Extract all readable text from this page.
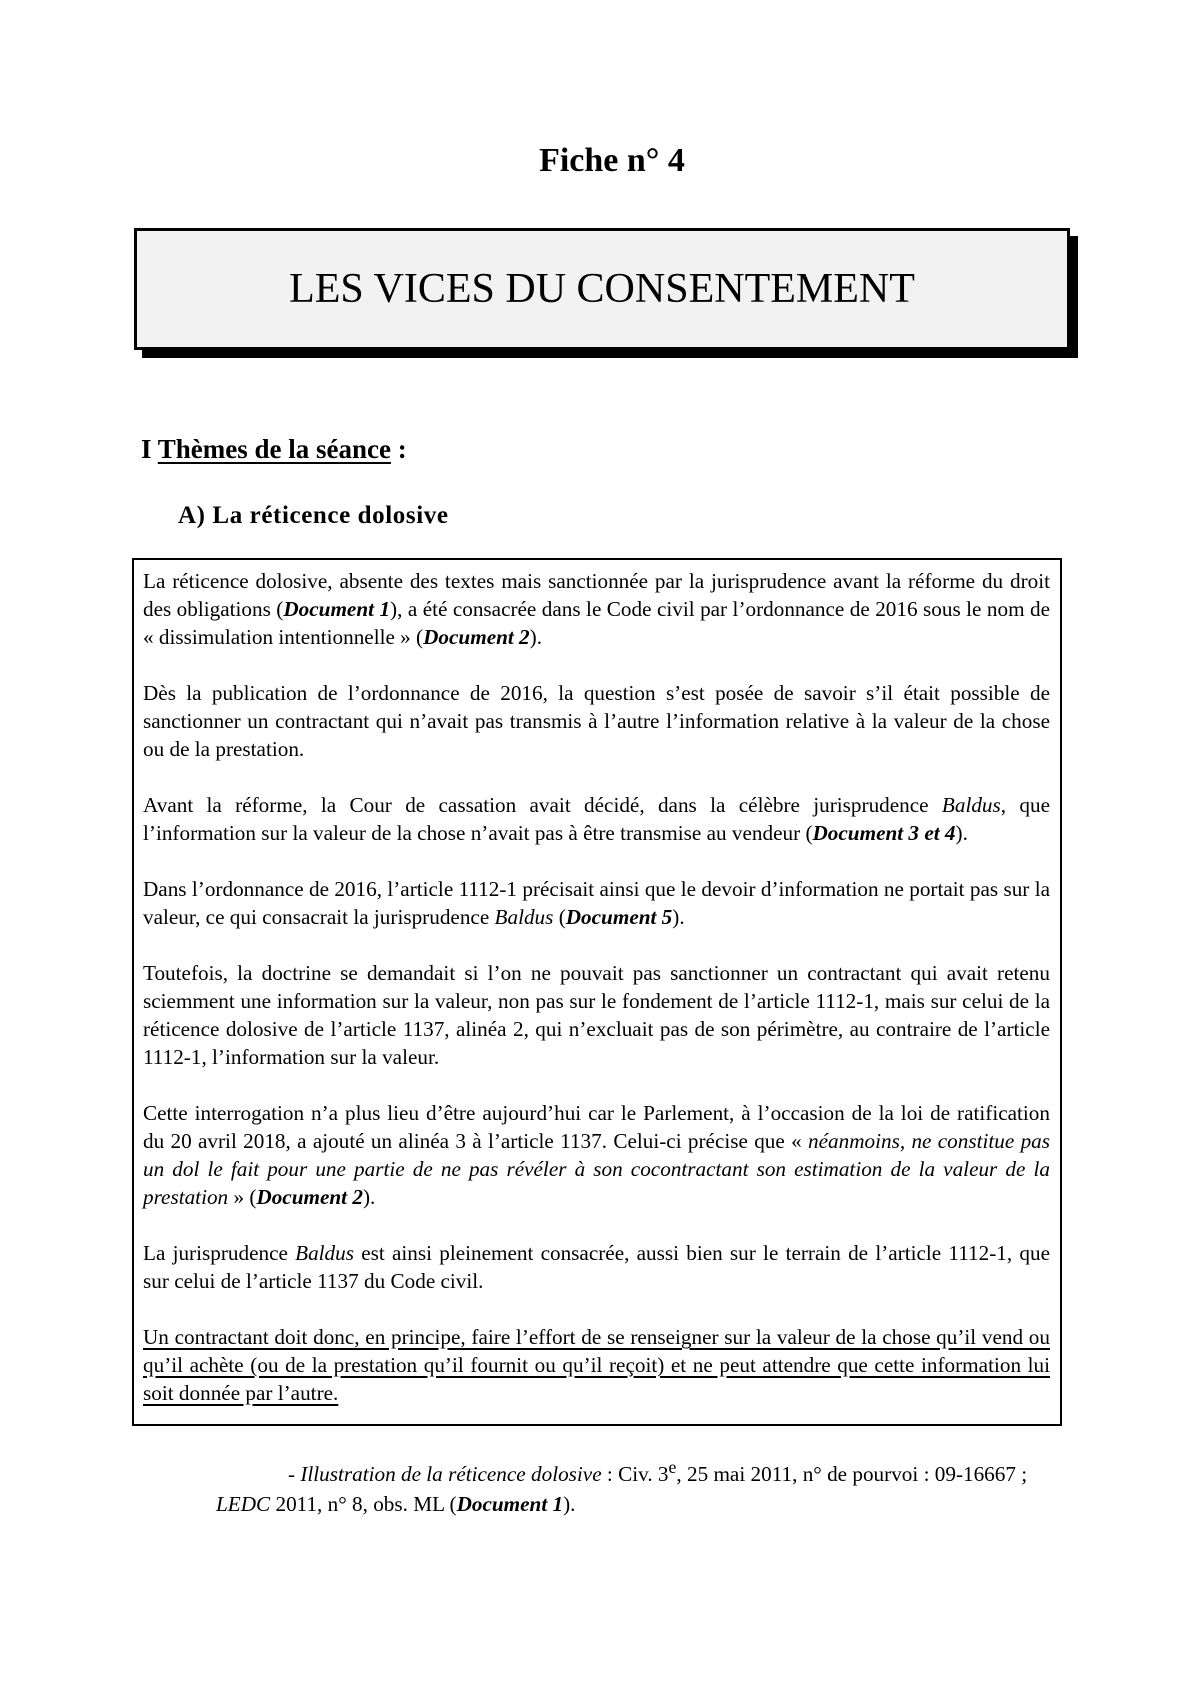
Fiche n° 4
LES VICES DU CONSENTEMENT
I Thèmes de la séance :
A) La réticence dolosive

La réticence dolosive, absente des textes mais sanctionnée par la jurisprudence avant la réforme du droit des obligations (Document 1), a été consacrée dans le Code civil par l’ordonnance de 2016 sous le nom de « dissimulation intentionnelle » (Document 2).

Dès la publication de l’ordonnance de 2016, la question s’est posée de savoir s’il était possible de sanctionner un contractant qui n’avait pas transmis à l’autre l’information relative à la valeur de la chose ou de la prestation.

Avant la réforme, la Cour de cassation avait décidé, dans la célèbre jurisprudence Baldus, que l’information sur la valeur de la chose n’avait pas à être transmise au vendeur (Document 3 et 4).

Dans l’ordonnance de 2016, l’article 1112-1 précisait ainsi que le devoir d’information ne portait pas sur la valeur, ce qui consacrait la jurisprudence Baldus (Document 5).

Toutefois, la doctrine se demandait si l’on ne pouvait pas sanctionner un contractant qui avait retenu sciemment une information sur la valeur, non pas sur le fondement de l’article 1112-1, mais sur celui de la réticence dolosive de l’article 1137, alinéa 2, qui n’excluait pas de son périmètre, au contraire de l’article 1112-1, l’information sur la valeur.

Cette interrogation n’a plus lieu d’être aujourd’hui car le Parlement, à l’occasion de la loi de ratification du 20 avril 2018, a ajouté un alinéa 3 à l’article 1137. Celui-ci précise que « néanmoins, ne constitue pas un dol le fait pour une partie de ne pas révéler à son cocontractant son estimation de la valeur de la prestation » (Document 2).

La jurisprudence Baldus est ainsi pleinement consacrée, aussi bien sur le terrain de l’article 1112-1, que sur celui de l’article 1137 du Code civil.

Un contractant doit donc, en principe, faire l’effort de se renseigner sur la valeur de la chose qu’il vend ou qu’il achète (ou de la prestation qu’il fournit ou qu’il reçoit) et ne peut attendre que cette information lui soit donnée par l’autre.

- Illustration de la réticence dolosive : Civ. 3e, 25 mai 2011, n° de pourvoi : 09-16667 ; LEDC 2011, n° 8, obs. ML (Document 1).
